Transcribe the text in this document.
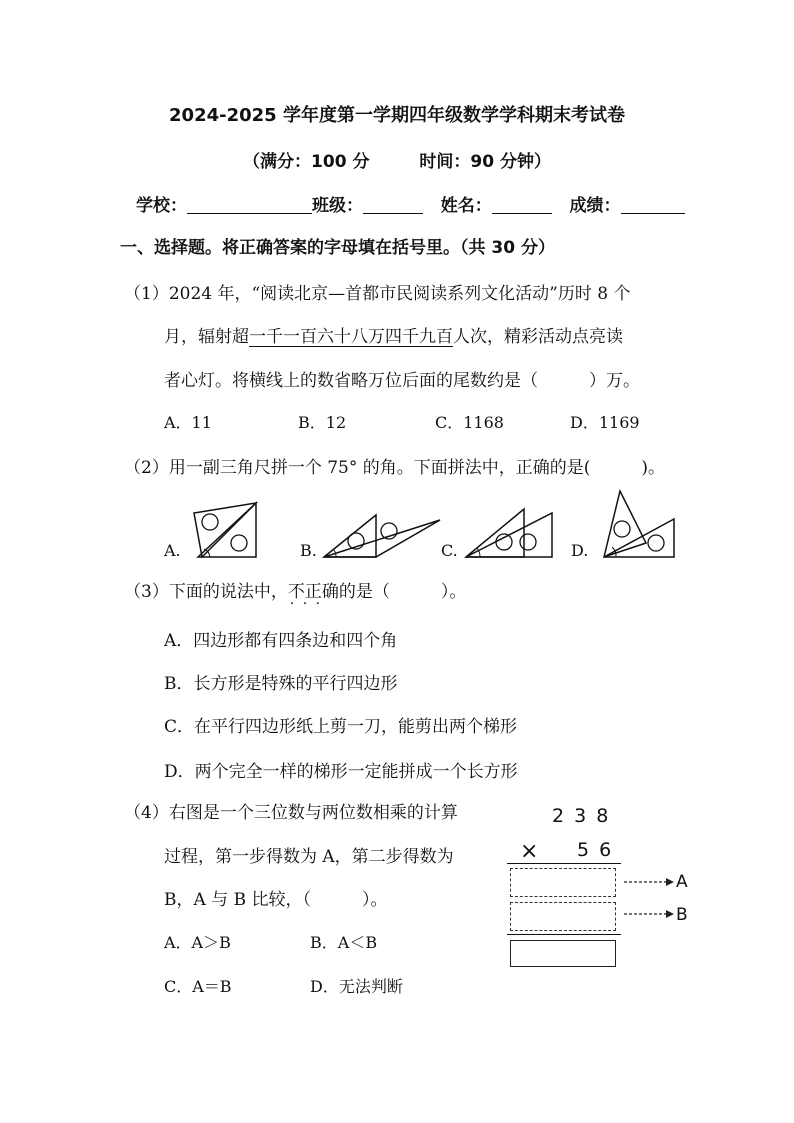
2024-2025 学年度第一学期四年级数学学科期末考试卷
（满分：100 分	时间：90 分钟）
学校：	班级：	姓名：	成绩：
一、选择题。将正确答案的字母填在括号里。（共 30 分）
（1）2024 年，“阅读北京—首都市民阅读系列文化活动”历时 8 个
月，辐射超一千一百六十八万四千九百人次，精彩活动点亮读
者心灯。将横线上的数省略万位后面的尾数约是（　　　）万。
A．11	B．12	C．1168	D．1169
（2）用一副三角尺拼一个 75° 的角。下面拼法中，正确的是(　　　)。
A.	B.	C.	D.
（3）下面的说法中，不正确 · · ·的是（　　　）。
A．四边形都有四条边和四个角
B．长方形是特殊的平行四边形
C．在平行四边形纸上剪一刀，能剪出两个梯形
D．两个完全一样的梯形一定能拼成一个长方形
（4）右图是一个三位数与两位数相乘的计算
过程，第一步得数为 A，第二步得数为
B，A 与 B 比较，（　　　）。
A．A＞B	B．A＜B
C．A＝B	D．无法判断
2 3 8
× 5 6
A
B
